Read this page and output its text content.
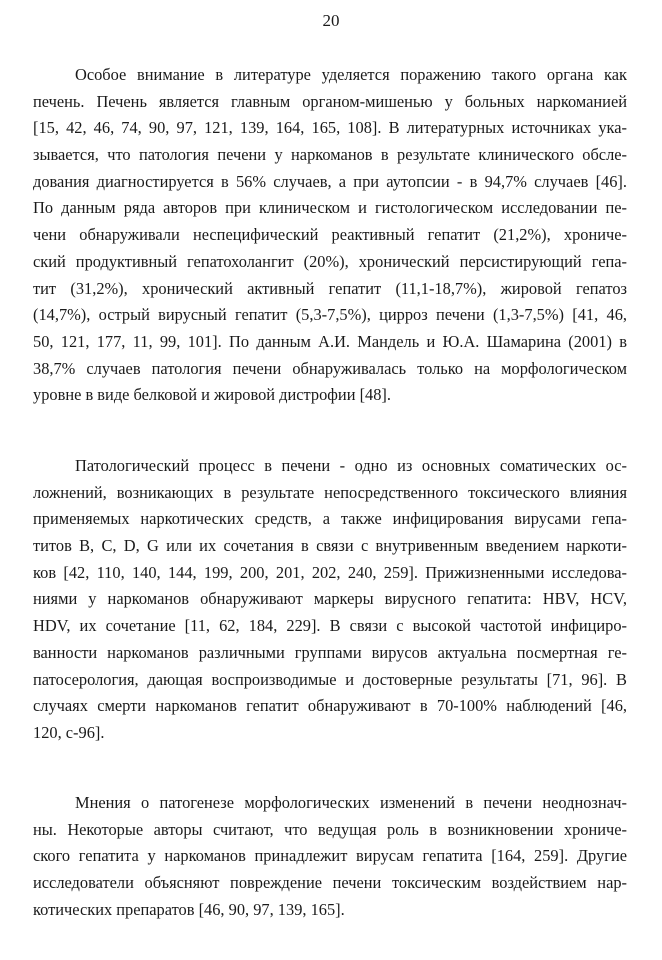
20
Особое внимание в литературе уделяется поражению такого органа как
печень. Печень является главным органом-мишенью у больных наркоманией
[15, 42, 46, 74, 90, 97, 121, 139, 164, 165, 108]. В литературных источниках ука-
зывается, что патология печени у наркоманов в результате клинического обсле-
дования диагностируется в 56% случаев, а при аутопсии - в 94,7% случаев [46].
По данным ряда авторов при клиническом и гистологическом исследовании пе-
чени обнаруживали неспецифический реактивный гепатит (21,2%), хрониче-
ский продуктивный гепатохолангит (20%), хронический персистирующий гепа-
тит (31,2%), хронический активный гепатит (11,1-18,7%), жировой гепатоз
(14,7%), острый вирусный гепатит (5,3-7,5%), цирроз печени (1,3-7,5%) [41, 46,
50, 121, 177, 11, 99, 101]. По данным А.И. Мандель и Ю.А. Шамарина (2001) в
38,7% случаев патология печени обнаруживалась только на морфологическом
уровне в виде белковой и жировой дистрофии [48].
Патологический процесс в печени - одно из основных соматических ос-
ложнений, возникающих в результате непосредственного токсического влияния
применяемых наркотических средств, а также инфицирования вирусами гепа-
титов В, С, D, G или их сочетания в связи с внутривенным введением наркоти-
ков [42, 110, 140, 144, 199, 200, 201, 202, 240, 259]. Прижизненными исследова-
ниями у наркоманов обнаруживают маркеры вирусного гепатита: HBV, HCV,
HDV, их сочетание [11, 62, 184, 229]. В связи с высокой частотой инфициро-
ванности наркоманов различными группами вирусов актуальна посмертная ге-
патосерология, дающая воспроизводимые и достоверные результаты [71, 96]. В
случаях смерти наркоманов гепатит обнаруживают в 70-100% наблюдений [46,
120, с-96].
Мнения о патогенезе морфологических изменений в печени неоднознач-
ны. Некоторые авторы считают, что ведущая роль в возникновении хрониче-
ского гепатита у наркоманов принадлежит вирусам гепатита [164, 259]. Другие
исследователи объясняют повреждение печени токсическим воздействием нар-
котических препаратов [46, 90, 97, 139, 165].
